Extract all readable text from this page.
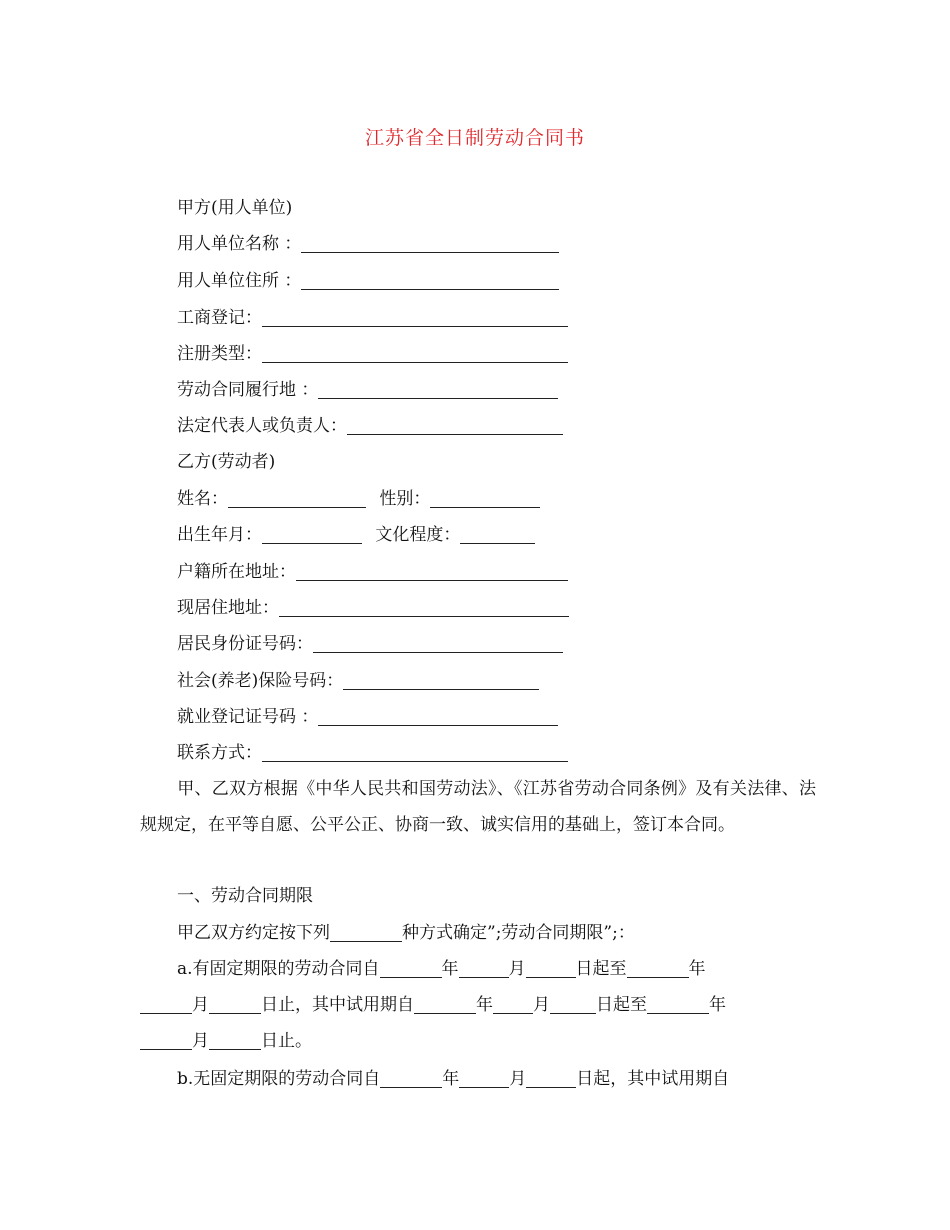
江苏省全日制劳动合同书
甲方(用人单位)
用人单位名称 ：
用人单位住所 ：
工商登记：
注册类型：
劳动合同履行地 ：
法定代表人或负责人：
乙方(劳动者)
姓名：	性别：
出生年月：	文化程度：
户籍所在地址：
现居住地址：
居民身份证号码：
社会(养老)保险号码：
就业登记证号码 ：
联系方式：
甲、乙双方根据《中华人民共和国劳动法》、《江苏省劳动合同条例》及有关法律、法规规定，在平等自愿、公平公正、协商一致、诚实信用的基础上，签订本合同。
一、劳动合同期限
甲乙双方约定按下列	种方式确定”;劳动合同期限”;：
a.有固定期限的劳动合同自	年	月	日起至	年
月	日止，其中试用期自	年 月	日起至	年
月	日止。
b.无固定期限的劳动合同自	年	月	日起，其中试用期自
